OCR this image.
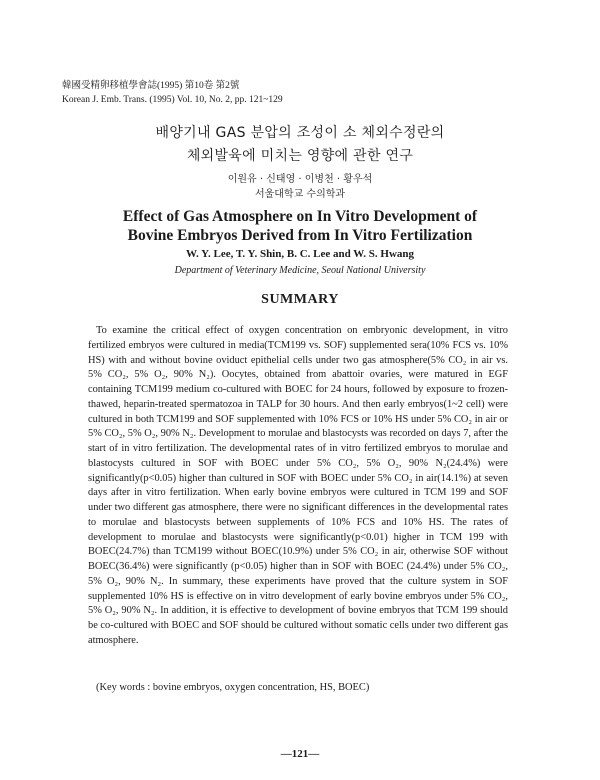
韓國受精卵移植學會誌(1995) 第10卷 第2號
Korean J. Emb. Trans. (1995) Vol. 10, No. 2, pp. 121~129
배양기내 GAS 분압의 조성이 소 체외수정란의
체외발육에 미치는 영향에 관한 연구
이원유 · 신태영 · 이병천 · 황우석
서울대학교 수의학과
Effect of Gas Atmosphere on In Vitro Development of
Bovine Embryos Derived from In Vitro Fertilization
W. Y. Lee, T. Y. Shin, B. C. Lee and W. S. Hwang
Department of Veterinary Medicine, Seoul National University
SUMMARY

To examine the critical effect of oxygen concentration on embryonic development, in vitro fertilized embryos were cultured in media(TCM199 vs. SOF) supplemented sera(10% FCS vs. 10% HS) with and without bovine oviduct epithelial cells under two gas atmosphere(5% CO₂ in air vs. 5% CO₂, 5% O₂, 90% N₂). Oocytes, obtained from abattoir ovaries, were matured in EGF containing TCM199 medium co-cultured with BOEC for 24 hours, followed by exposure to frozen-thawed, heparin-treated spermatozoa in TALP for 30 hours. And then early embryos(1~2 cell) were cultured in both TCM199 and SOF supplemented with 10% FCS or 10% HS under 5% CO₂ in air or 5% CO₂, 5% O₂, 90% N₂. Development to morulae and blastocysts was recorded on days 7, after the start of in vitro fertilization. The developmental rates of in vitro fertilized embryos to morulae and blastocysts cultured in SOF with BOEC under 5% CO₂, 5% O₂, 90% N₂(24.4%) were significantly(p<0.05) higher than cultured in SOF with BOEC under 5% CO₂ in air(14.1%) at seven days after in vitro fertilization. When early bovine embryos were cultured in TCM 199 and SOF under two different gas atmosphere, there were no significant differences in the developmental rates to morulae and blastocysts between supplements of 10% FCS and 10% HS. The rates of development to morulae and blastocysts were significantly(p<0.01) higher in TCM 199 with BOEC(24.7%) than TCM199 without BOEC(10.9%) under 5% CO₂ in air, otherwise SOF without BOEC(36.4%) were significantly (p<0.05) higher than in SOF with BOEC (24.4%) under 5% CO₂, 5% O₂, 90% N₂. In summary, these experiments have proved that the culture system in SOF supplemented 10% HS is effective on in vitro development of early bovine embryos under 5% CO₂, 5% O₂, 90% N₂. In addition, it is effective to development of bovine embryos that TCM 199 should be co-cultured with BOEC and SOF should be cultured without somatic cells under two different gas atmosphere.

(Key words : bovine embryos, oxygen concentration, HS, BOEC)
—121—
